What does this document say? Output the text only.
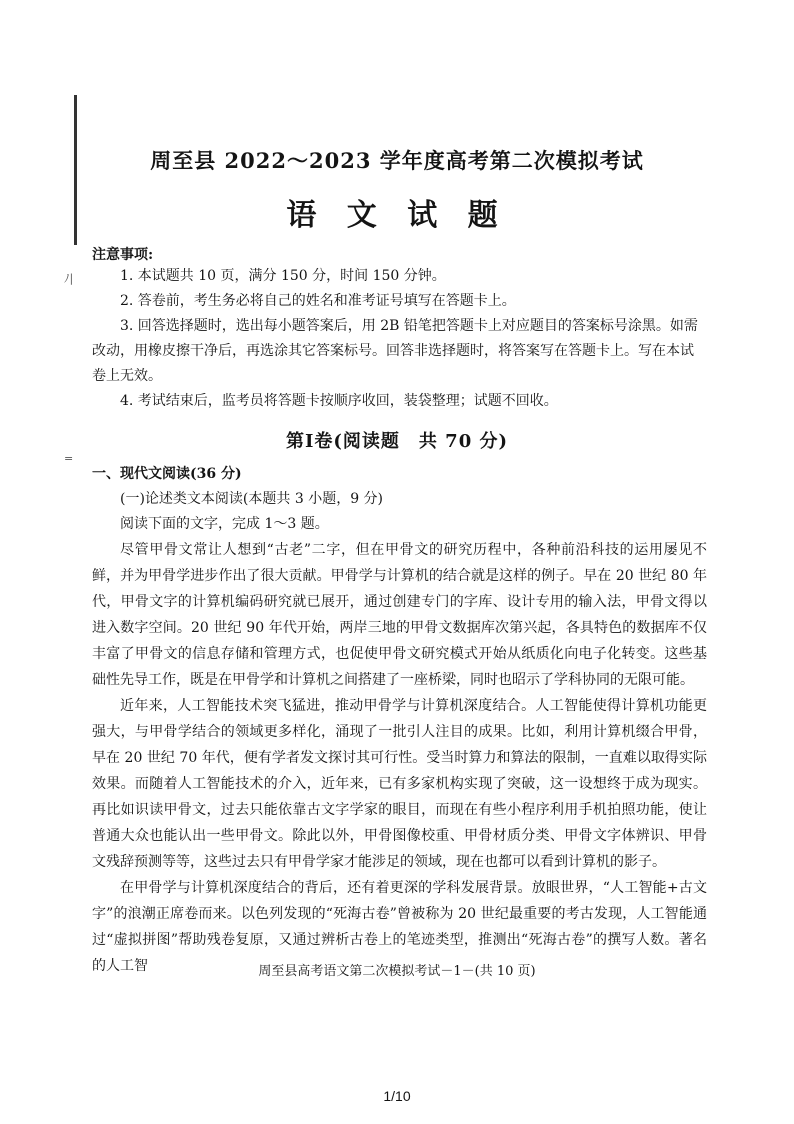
ﾉ|
=
周至县 2022～2023 学年度高考第二次模拟考试
语 文 试 题
注意事项:

1. 本试题共 10 页，满分 150 分，时间 150 分钟。

2. 答卷前，考生务必将自己的姓名和准考证号填写在答题卡上。

3. 回答选择题时，选出每小题答案后，用 2B 铅笔把答题卡上对应题目的答案标号涂黑。如需改动，用橡皮擦干净后，再选涂其它答案标号。回答非选择题时，将答案写在答题卡上。写在本试卷上无效。

4. 考试结束后，监考员将答题卡按顺序收回，装袋整理；试题不回收。

第Ⅰ卷(阅读题　共 70 分)

一、现代文阅读(36 分)

(一)论述类文本阅读(本题共 3 小题，9 分)

阅读下面的文字，完成 1～3 题。

尽管甲骨文常让人想到“古老”二字，但在甲骨文的研究历程中，各种前沿科技的运用屡见不鲜，并为甲骨学进步作出了很大贡献。甲骨学与计算机的结合就是这样的例子。早在 20 世纪 80 年代，甲骨文字的计算机编码研究就已展开，通过创建专门的字库、设计专用的输入法，甲骨文得以进入数字空间。20 世纪 90 年代开始，两岸三地的甲骨文数据库次第兴起，各具特色的数据库不仅丰富了甲骨文的信息存储和管理方式，也促使甲骨文研究模式开始从纸质化向电子化转变。这些基础性先导工作，既是在甲骨学和计算机之间搭建了一座桥梁，同时也昭示了学科协同的无限可能。

近年来，人工智能技术突飞猛进，推动甲骨学与计算机深度结合。人工智能使得计算机功能更强大，与甲骨学结合的领域更多样化，涌现了一批引人注目的成果。比如，利用计算机缀合甲骨，早在 20 世纪 70 年代，便有学者发文探讨其可行性。受当时算力和算法的限制，一直难以取得实际效果。而随着人工智能技术的介入，近年来，已有多家机构实现了突破，这一设想终于成为现实。再比如识读甲骨文，过去只能依靠古文字学家的眼目，而现在有些小程序利用手机拍照功能，使让普通大众也能认出一些甲骨文。除此以外，甲骨图像校重、甲骨材质分类、甲骨文字体辨识、甲骨文残辞预测等等，这些过去只有甲骨学家才能涉足的领域，现在也都可以看到计算机的影子。

在甲骨学与计算机深度结合的背后，还有着更深的学科发展背景。放眼世界，“人工智能+古文字”的浪潮正席卷而来。以色列发现的“死海古卷”曾被称为 20 世纪最重要的考古发现，人工智能通过“虚拟拼图”帮助残卷复原，又通过辨析古卷上的笔迹类型，推测出“死海古卷”的撰写人数。著名的人工智	周至县高考语文第二次模拟考试－1－(共 10 页)
1/10
